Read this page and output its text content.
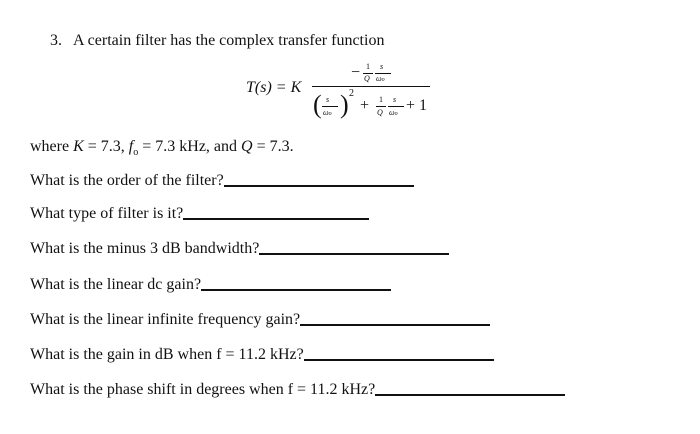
3. A certain filter has the complex transfer function
T(s) = K
− 1
Q
s
ωo
( s
ωo ) 2
+ 1
Q
s
ωo + 1
where K = 7.3, $f_o = 7.3$ kHz, and Q = 7.3.
What is the order of the filter?
What type of filter is it?
What is the minus 3 dB bandwidth?
What is the linear dc gain?
What is the linear infinite frequency gain?
What is the gain in dB when f = 11.2 kHz?
What is the phase shift in degrees when f = 11.2 kHz?
